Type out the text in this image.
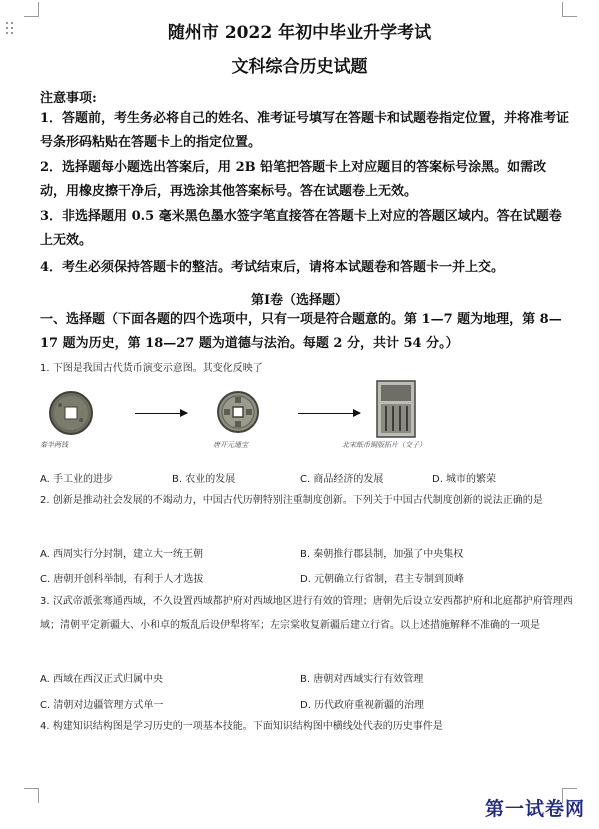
随州市 2022 年初中毕业升学考试
文科综合历史试题
注意事项:
1．答题前，考生务必将自己的姓名、准考证号填写在答题卡和试题卷指定位置，并将准考证号条形码粘贴在答题卡上的指定位置。
2．选择题每小题选出答案后，用 2B 铅笔把答题卡上对应题目的答案标号涂黑。如需改动，用橡皮擦干净后，再选涂其他答案标号。答在试题卷上无效。
3．非选择题用 0.5 毫米黑色墨水签字笔直接答在答题卡上对应的答题区域内。答在试题卷上无效。
4．考生必须保持答题卡的整洁。考试结束后，请将本试题卷和答题卡一并上交。
第Ⅰ卷（选择题）
一、选择题（下面各题的四个选项中，只有一项是符合题意的。第 1—7 题为地理，第 8—17 题为历史，第 18—27 题为道德与法治。每题 2 分，共计 54 分。）
1. 下图是我国古代货币演变示意图。其变化反映了
秦半两钱	唐开元通宝	北宋纸币铜版拓片（交子）
A. 手工业的进步	B. 农业的发展	C. 商品经济的发展	D. 城市的繁荣
2. 创新是推动社会发展的不竭动力，中国古代历朝特别注重制度创新。下列关于中国古代制度创新的说法正确的是
A. 西周实行分封制，建立大一统王朝	B. 秦朝推行郡县制，加强了中央集权
C. 唐朝开创科举制，有利于人才选拔	D. 元朝确立行省制，君主专制到顶峰
3. 汉武帝派张骞通西域，不久设置西域都护府对西域地区进行有效的管理；唐朝先后设立安西都护府和北庭都护府管理西域；清朝平定新疆大、小和卓的叛乱后设伊犁将军；左宗棠收复新疆后建立行省。以上述措施解释不准确的一项是
A. 西域在西汉正式归属中央	B. 唐朝对西域实行有效管理
C. 清朝对边疆管理方式单一	D. 历代政府重视新疆的治理
4. 构建知识结构图是学习历史的一项基本技能。下面知识结构图中横线处代表的历史事件是
第一试卷网
